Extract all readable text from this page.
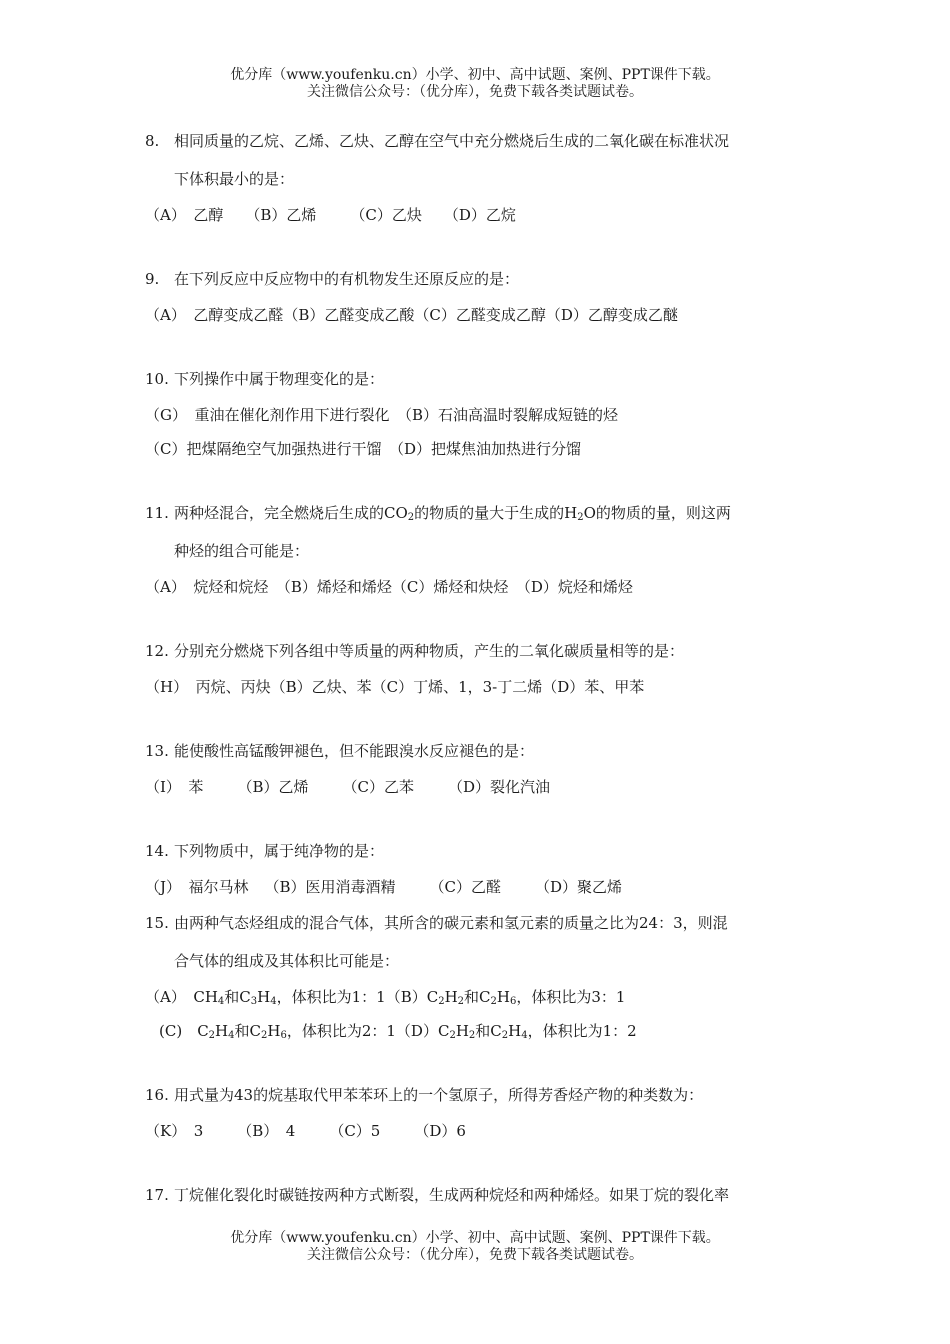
优分库（www.youfenku.cn）小学、初中、高中试题、案例、PPT课件下载。
关注微信公众号：（优分库），免费下载各类试题试卷。
8. 相同质量的乙烷、乙烯、乙炔、乙醇在空气中充分燃烧后生成的二氧化碳在标准状况
下体积最小的是：
（A）　乙醇 （B）乙烯 （C）乙炔 （D）乙烷
9. 在下列反应中反应物中的有机物发生还原反应的是：
（A）　乙醇变成乙醛（B）乙醛变成乙酸（C）乙醛变成乙醇（D）乙醇变成乙醚
10. 下列操作中属于物理变化的是：
（G）　重油在催化剂作用下进行裂化　（B）石油高温时裂解成短链的烃
（C）把煤隔绝空气加强热进行干馏　（D）把煤焦油加热进行分馏
11. 两种烃混合，完全燃烧后生成的$CO_2$的物质的量大于生成的$H_2O$的物质的量，则这两
种烃的组合可能是：
（A）　烷烃和烷烃　（B）烯烃和烯烃（C）烯烃和炔烃　（D）烷烃和烯烃
12. 分别充分燃烧下列各组中等质量的两种物质，产生的二氧化碳质量相等的是：
（H）　丙烷、丙炔（B）乙炔、苯（C）丁烯、1，3-丁二烯（D）苯、甲苯
13. 能使酸性高锰酸钾褪色，但不能跟溴水反应褪色的是：
（I）　苯 （B）乙烯 （C）乙苯 （D）裂化汽油
14. 下列物质中，属于纯净物的是：
（J）　福尔马林 （B）医用消毒酒精 （C）乙醛 （D）聚乙烯
15. 由两种气态烃组成的混合气体，其所含的碳元素和氢元素的质量之比为24：3，则混
合气体的组成及其体积比可能是：
（A）　$CH_4$和$C_3H_4$，体积比为1：$1(B)C_2H_2$和$C_2H_6$，体积比为3：1
(C)　$C_2H_4$和$C_2H_6$，体积比为2：$1(D)C_2H_2$和$C_2H_4$，体积比为1：2
16. 用式量为43的烷基取代甲苯苯环上的一个氢原子，所得芳香烃产物的种类数为：
（K）　3 （B）　4 （C）5 （D）6
17. 丁烷催化裂化时碳链按两种方式断裂，生成两种烷烃和两种烯烃。如果丁烷的裂化率
优分库（www.youfenku.cn）小学、初中、高中试题、案例、PPT课件下载。
关注微信公众号：（优分库），免费下载各类试题试卷。
